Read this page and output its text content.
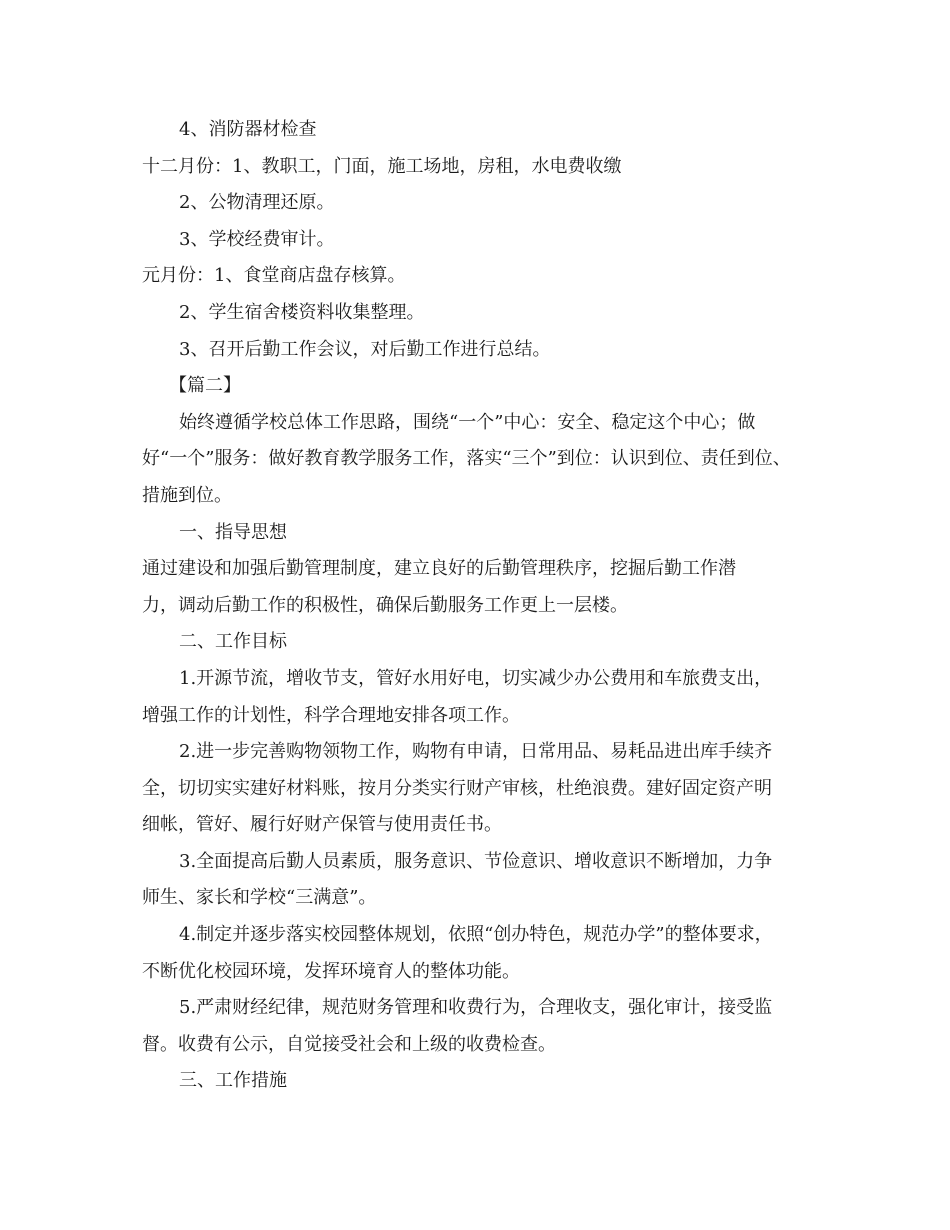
4、消防器材检查

十二月份：1、教职工，门面，施工场地，房租，水电费收缴

2、公物清理还原。

3、学校经费审计。

元月份：1、食堂商店盘存核算。

2、学生宿舍楼资料收集整理。

3、召开后勤工作会议，对后勤工作进行总结。

【篇二】

始终遵循学校总体工作思路，围绕“一个”中心：安全、稳定这个中心；做

好“一个”服务：做好教育教学服务工作，落实“三个”到位：认识到位、责任到位、

措施到位。

一、指导思想

通过建设和加强后勤管理制度，建立良好的后勤管理秩序，挖掘后勤工作潜

力，调动后勤工作的积极性，确保后勤服务工作更上一层楼。

二、工作目标

1.开源节流，增收节支，管好水用好电，切实减少办公费用和车旅费支出，

增强工作的计划性，科学合理地安排各项工作。

2.进一步完善购物领物工作，购物有申请，日常用品、易耗品进出库手续齐

全，切切实实建好材料账，按月分类实行财产审核，杜绝浪费。建好固定资产明

细帐，管好、履行好财产保管与使用责任书。

3.全面提高后勤人员素质，服务意识、节俭意识、增收意识不断增加，力争

师生、家长和学校“三满意”。

4.制定并逐步落实校园整体规划，依照“创办特色，规范办学”的整体要求，

不断优化校园环境，发挥环境育人的整体功能。

5.严肃财经纪律，规范财务管理和收费行为，合理收支，强化审计，接受监

督。收费有公示，自觉接受社会和上级的收费检查。

三、工作措施
